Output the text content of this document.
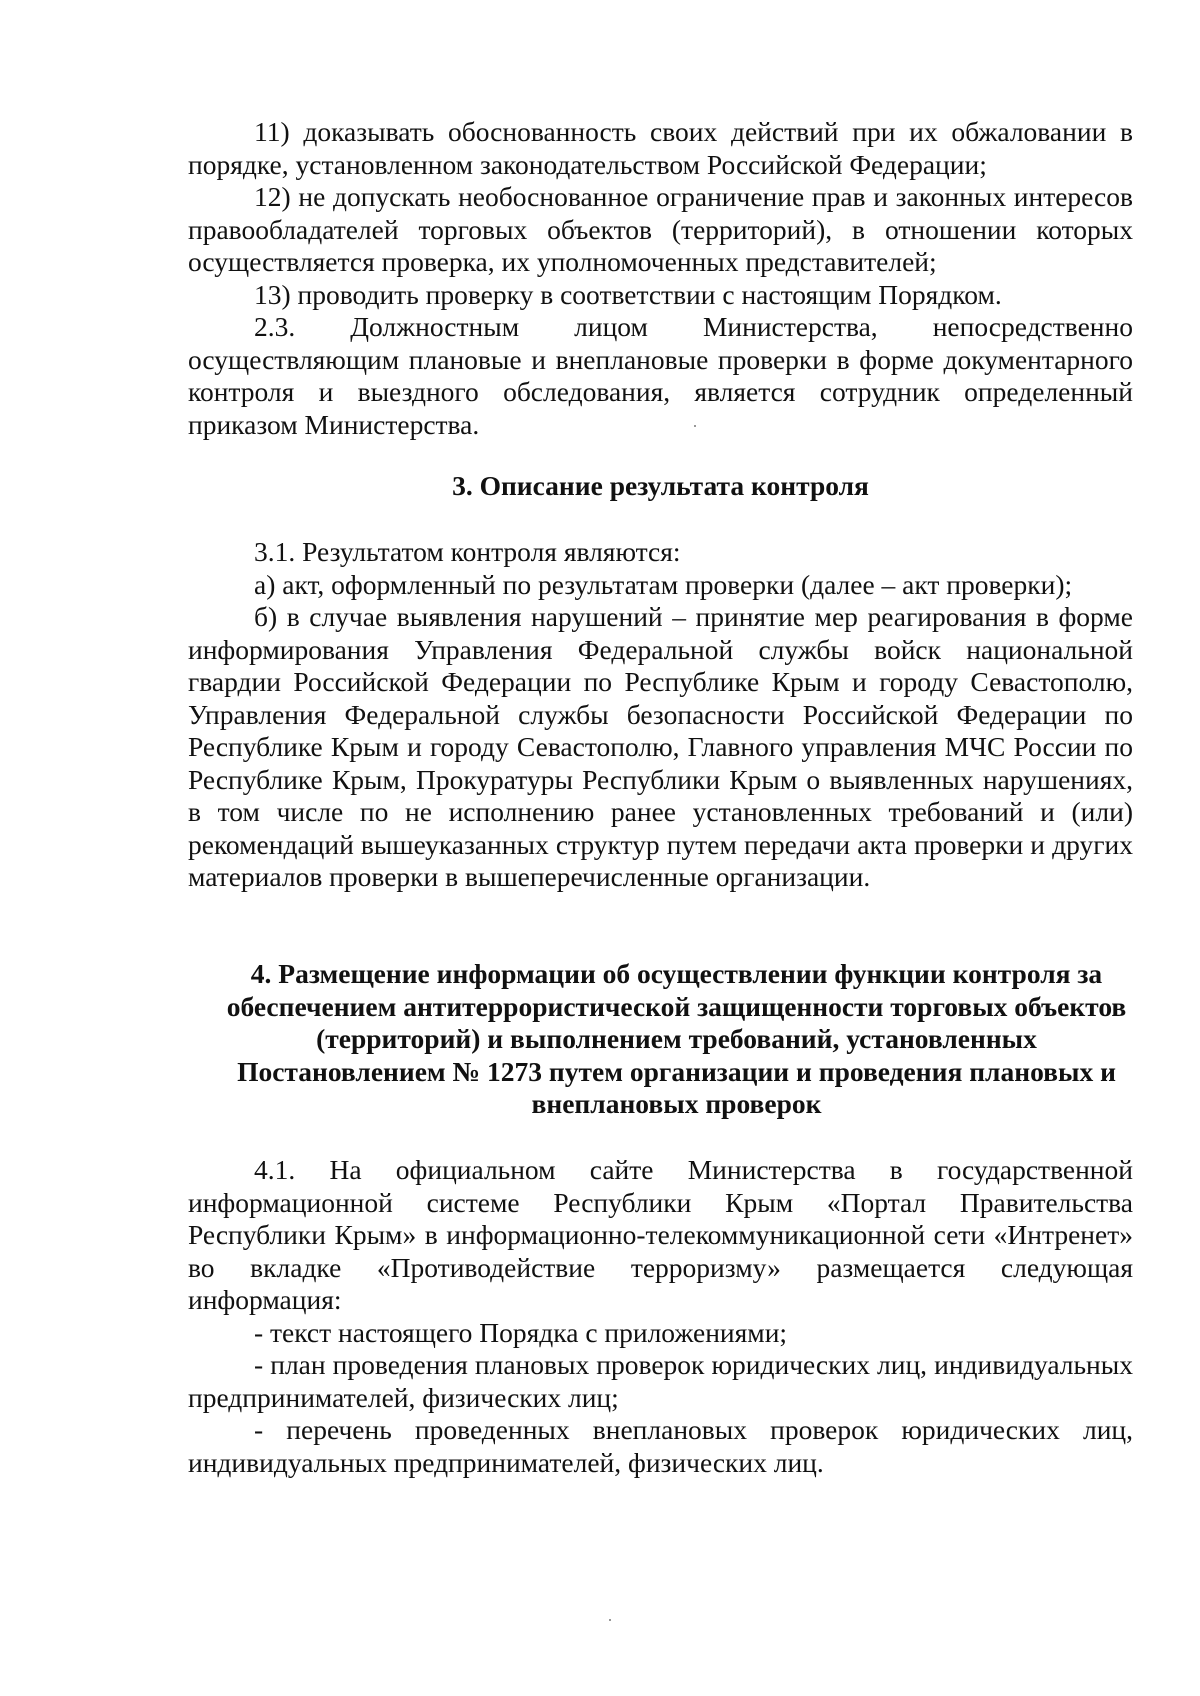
11) доказывать обоснованность своих действий при их обжаловании в порядке, установленном законодательством Российской Федерации;

12) не допускать необоснованное ограничение прав и законных интересов правообладателей торговых объектов (территорий), в отношении которых осуществляется проверка, их уполномоченных представителей;

13) проводить проверку в соответствии с настоящим Порядком.

2.3. Должностным лицом Министерства, непосредственно осуществляющим плановые и внеплановые проверки в форме документарного контроля и выездного обследования, является сотрудник определенный приказом Министерства.

3. Описание результата контроля

3.1. Результатом контроля являются:

а) акт, оформленный по результатам проверки (далее – акт проверки);

б) в случае выявления нарушений – принятие мер реагирования в форме информирования Управления Федеральной службы войск национальной гвардии Российской Федерации по Республике Крым и городу Севастополю, Управления Федеральной службы безопасности Российской Федерации по Республике Крым и городу Севастополю, Главного управления МЧС России по Республике Крым, Прокуратуры Республики Крым о выявленных нарушениях, в том числе по не исполнению ранее установленных требований и (или) рекомендаций вышеуказанных структур путем передачи акта проверки и других материалов проверки в вышеперечисленные организации.

4. Размещение информации об осуществлении функции контроля за обеспечением антитеррористической защищенности торговых объектов (территорий) и выполнением требований, установленных Постановлением № 1273 путем организации и проведения плановых и внеплановых проверок

4.1. На официальном сайте Министерства в государственной информационной системе Республики Крым «Портал Правительства Республики Крым» в информационно-телекоммуникационной сети «Интренет» во вкладке «Противодействие терроризму» размещается следующая информация:

- текст настоящего Порядка с приложениями;

- план проведения плановых проверок юридических лиц, индивидуальных предпринимателей, физических лиц;

- перечень проведенных внеплановых проверок юридических лиц, индивидуальных предпринимателей, физических лиц.
